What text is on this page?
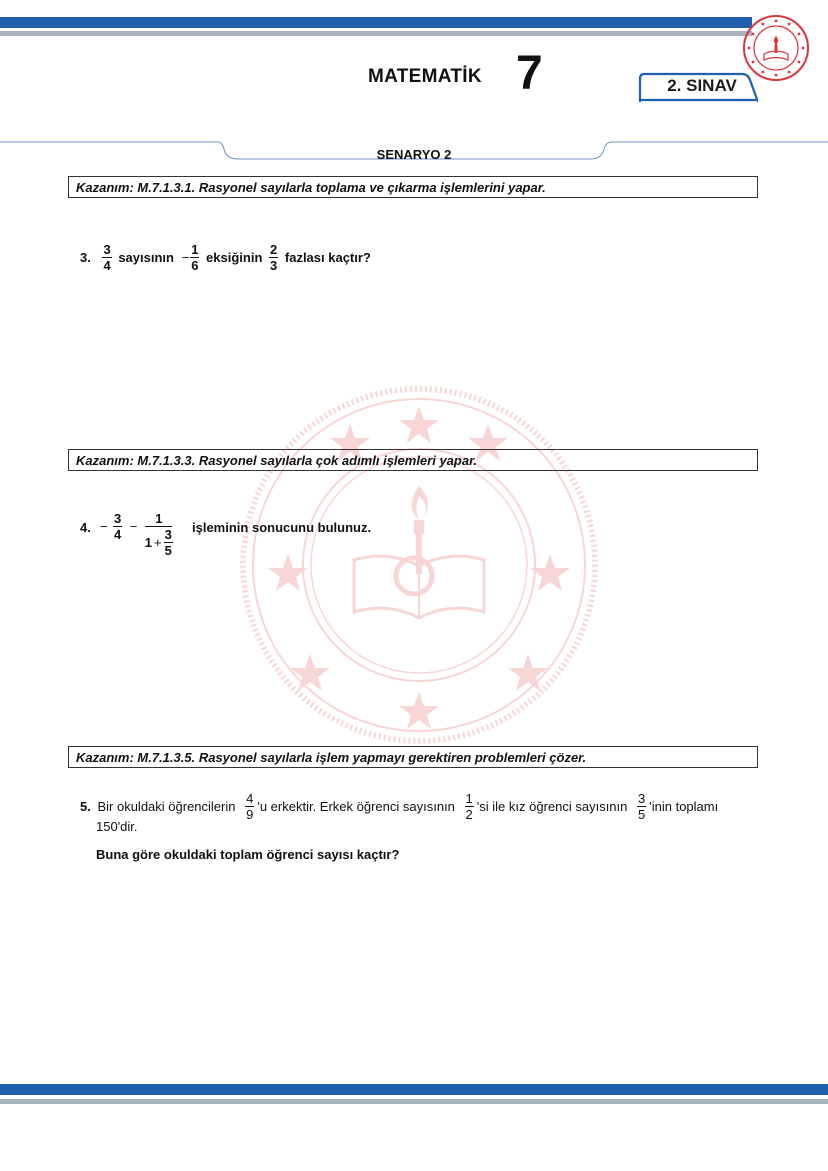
MATEMATİK 7	2. SINAV
SENARYO 2
Kazanım: M.7.1.3.1. Rasyonel sayılarla toplama ve çıkarma işlemlerini yapar.
3. $\frac{3}{4}$ sayısının − $\frac{1}{6}$ eksiğinin $\frac{2}{3}$ fazlası kaçtır?
Kazanım: M.7.1.3.3. Rasyonel sayılarla çok adımlı işlemleri yapar.
4. $^- \frac{3}{4} ^- \frac{1}{1 + \frac{3}{5}}$ işleminin sonucunu bulunuz.
Kazanım: M.7.1.3.5. Rasyonel sayılarla işlem yapmayı gerektiren problemleri çözer.
5. Bir okuldaki öğrencilerin $\frac{4}{9}$ 'u erkektir. Erkek öğrenci sayısının $\frac{1}{2}$ 'si ile kız öğrenci sayısının $\frac{3}{5}$ 'inin toplamı
150'dir.
Buna göre okuldaki toplam öğrenci sayısı kaçtır?
